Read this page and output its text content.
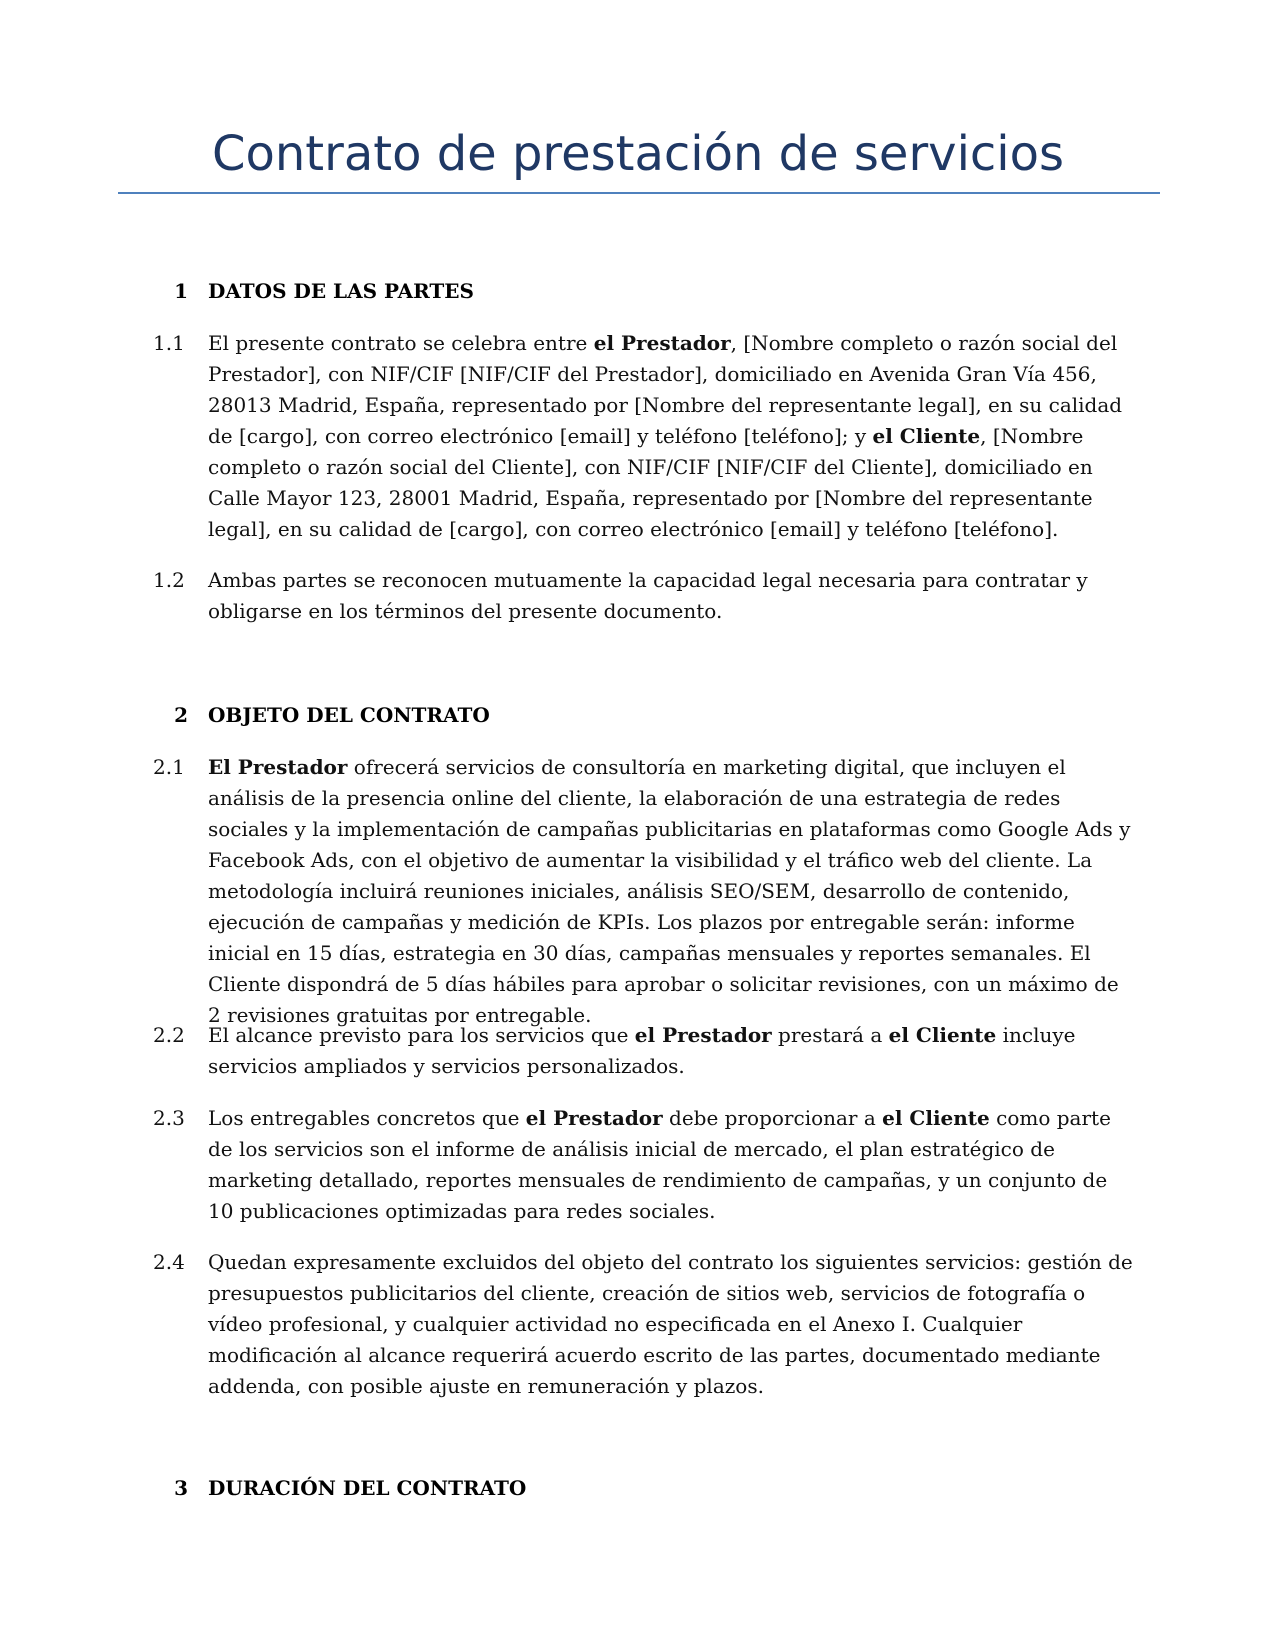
Contrato de prestación de servicios
1 DATOS DE LAS PARTES
1.1	El presente contrato se celebra entre el Prestador, [Nombre completo o razón social del Prestador], con NIF/CIF [NIF/CIF del Prestador], domiciliado en Avenida Gran Vía 456, 28013 Madrid, España, representado por [Nombre del representante legal], en su calidad de [cargo], con correo electrónico [email] y teléfono [teléfono]; y el Cliente, [Nombre completo o razón social del Cliente], con NIF/CIF [NIF/CIF del Cliente], domiciliado en Calle Mayor 123, 28001 Madrid, España, representado por [Nombre del representante legal], en su calidad de [cargo], con correo electrónico [email] y teléfono [teléfono].
1.2	Ambas partes se reconocen mutuamente la capacidad legal necesaria para contratar y obligarse en los términos del presente documento.
2 OBJETO DEL CONTRATO
2.1	El Prestador ofrecerá servicios de consultoría en marketing digital, que incluyen el análisis de la presencia online del cliente, la elaboración de una estrategia de redes sociales y la implementación de campañas publicitarias en plataformas como Google Ads y Facebook Ads, con el objetivo de aumentar la visibilidad y el tráfico web del cliente. La metodología incluirá reuniones iniciales, análisis SEO/SEM, desarrollo de contenido, ejecución de campañas y medición de KPIs. Los plazos por entregable serán: informe inicial en 15 días, estrategia en 30 días, campañas mensuales y reportes semanales. El Cliente dispondrá de 5 días hábiles para aprobar o solicitar revisiones, con un máximo de 2 revisiones gratuitas por entregable.
2.2	El alcance previsto para los servicios que el Prestador prestará a el Cliente incluye servicios ampliados y servicios personalizados.
2.3	Los entregables concretos que el Prestador debe proporcionar a el Cliente como parte de los servicios son el informe de análisis inicial de mercado, el plan estratégico de marketing detallado, reportes mensuales de rendimiento de campañas, y un conjunto de 10 publicaciones optimizadas para redes sociales.
2.4	Quedan expresamente excluidos del objeto del contrato los siguientes servicios: gestión de presupuestos publicitarios del cliente, creación de sitios web, servicios de fotografía o vídeo profesional, y cualquier actividad no especificada en el Anexo I. Cualquier modificación al alcance requerirá acuerdo escrito de las partes, documentado mediante addenda, con posible ajuste en remuneración y plazos.
3 DURACIÓN DEL CONTRATO
